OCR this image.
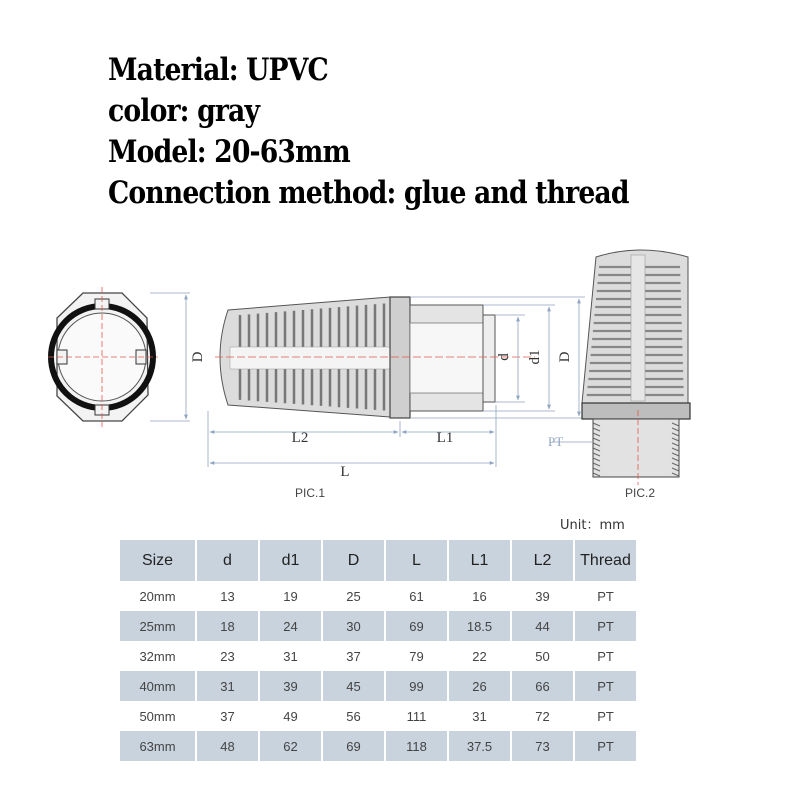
Material: UPVC
color: gray
Model: 20-63mm
Connection method: glue and thread
D
L2	L1
L
d d1 D
PIC.1
PT
PIC.2
Unit：mm
Size	d	d1	D	L	L1	L2	Thread
20mm	13	19	25	61	16	39	PT
25mm	18	24	30	69	18.5	44	PT
32mm	23	31	37	79	22	50	PT
40mm	31	39	45	99	26	66	PT
50mm	37	49	56	111	31	72	PT
63mm	48	62	69	118	37.5	73	PT
